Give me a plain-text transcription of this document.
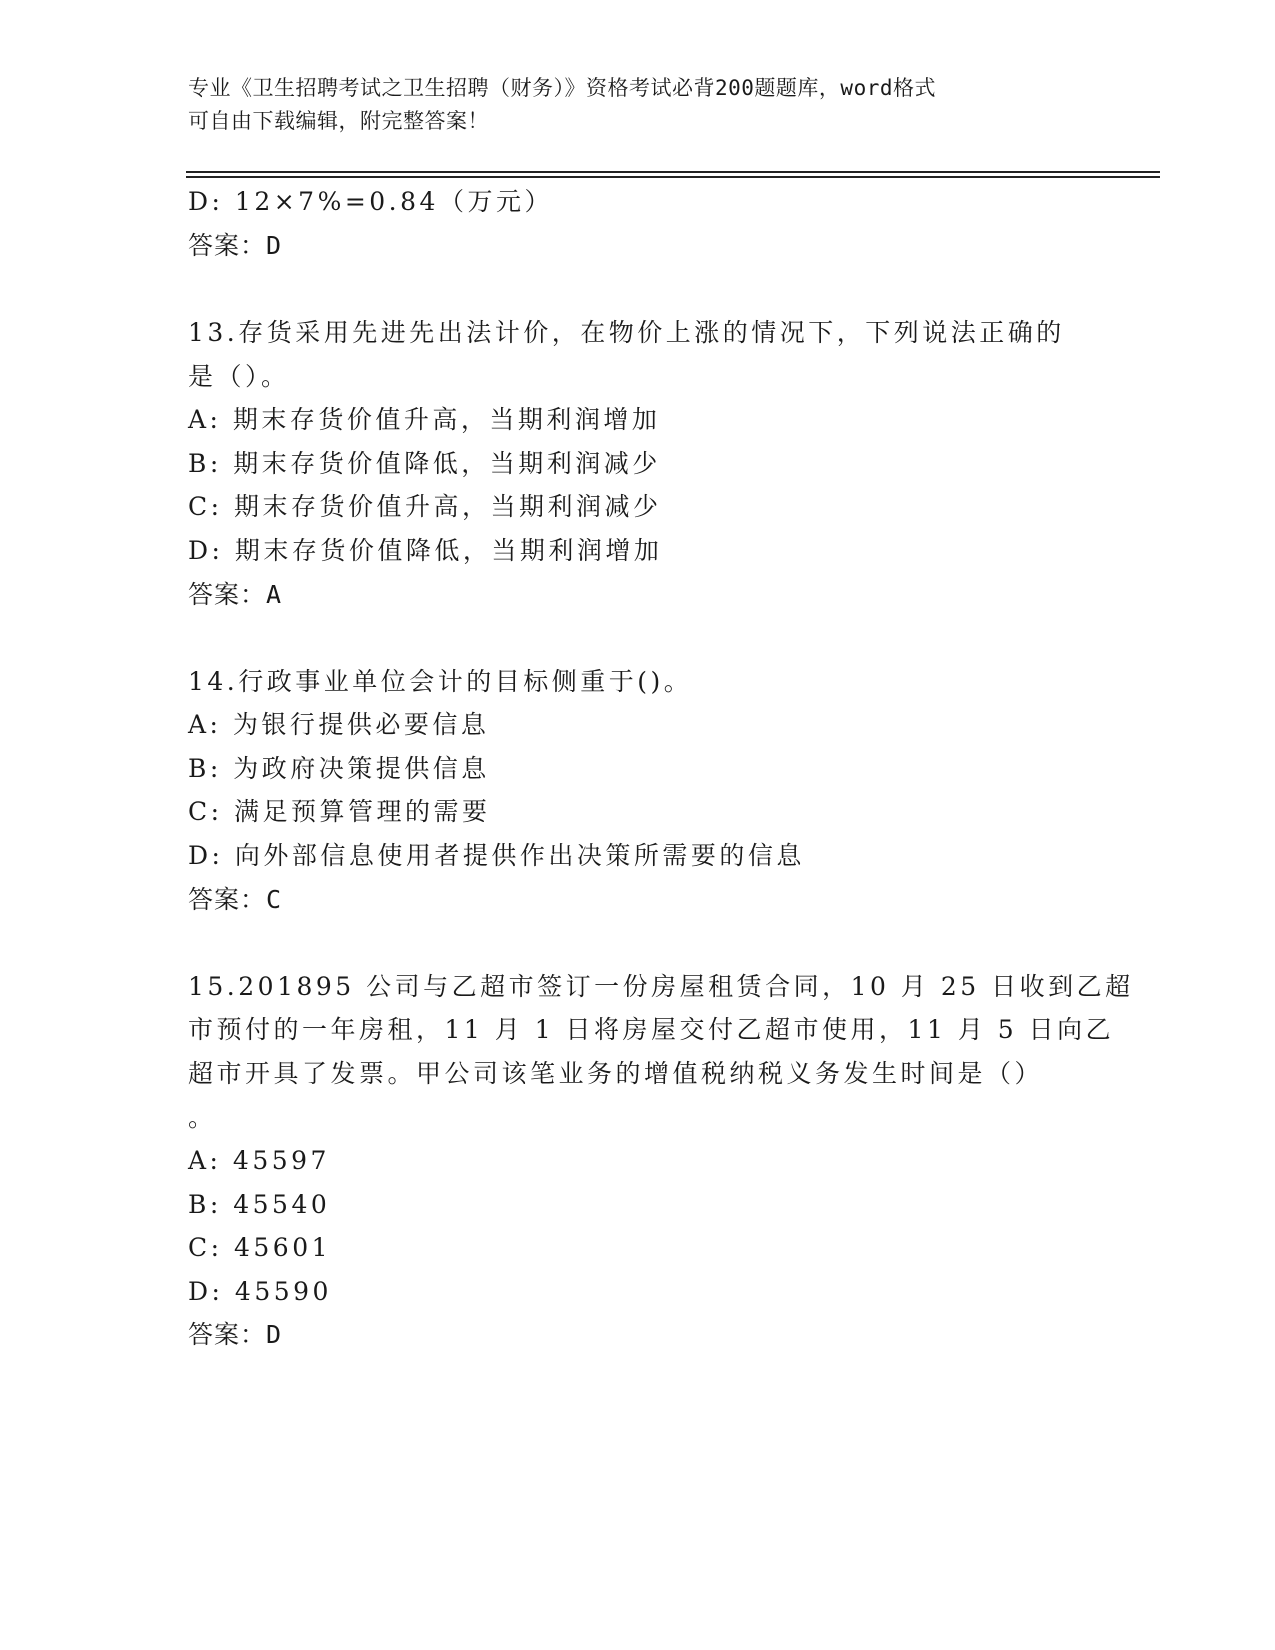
专业《卫生招聘考试之卫生招聘（财务）》资格考试必背200题题库，word格式
可自由下载编辑，附完整答案！
D: 12×7%=0.84（万元）
答案：D
13.存货采用先进先出法计价，在物价上涨的情况下，下列说法正确的
是（）。
A: 期末存货价值升高，当期利润增加
B: 期末存货价值降低，当期利润减少
C: 期末存货价值升高，当期利润减少
D: 期末存货价值降低，当期利润增加
答案：A
14.行政事业单位会计的目标侧重于()。
A: 为银行提供必要信息
B: 为政府决策提供信息
C: 满足预算管理的需要
D: 向外部信息使用者提供作出决策所需要的信息
答案：C
15.201895 公司与乙超市签订一份房屋租赁合同，10 月 25 日收到乙超
市预付的一年房租，11 月 1 日将房屋交付乙超市使用，11 月 5 日向乙
超市开具了发票。甲公司该笔业务的增值税纳税义务发生时间是（）
。
A: 45597
B: 45540
C: 45601
D: 45590
答案：D
